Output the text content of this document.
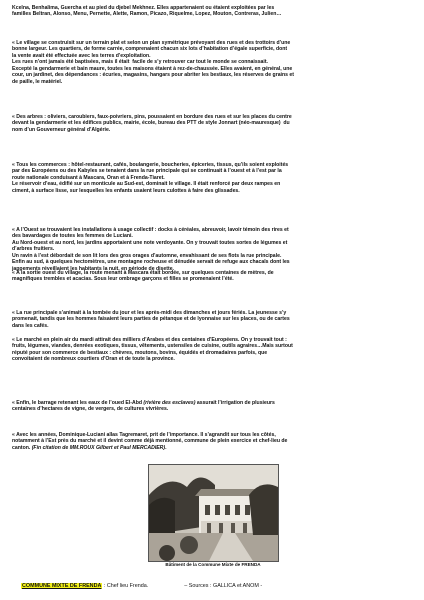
Kcelna, Benhalima, Guercha et au pied du djebel Mekhnez. Elles appartenaient ou étaient exploitées par les
familles Beltran, Alonso, Menu, Pernette, Alette, Ramon, Picazo, Riquelme, Lopez, Mouton, Contreras, Julien…

« Le village se construisit sur un terrain plat et selon un plan symétrique prévoyant des rues et des trottoirs d’une
bonne largeur. Les quartiers, de forme carrée, comprenaient chacun six lots d’habitation d’égale superficie, dont
la vente avait été effectuée avec les terres d’exploitation.
Les rues n’ont jamais été baptisées, mais il était  facile de s’y retrouver car tout le monde se connaissait.
Excepté la gendarmerie et bain maure, toutes les maisons étaient à rez-de-chaussée. Elles avaient, en général, une
cour, un jardinet, des dépendances : écuries, magasins, hangars pour abriter les bestiaux, les réserves de grains et
de paille, le matériel.

« Des arbres : oliviers, caroubiers, faux-poivriers, pins, poussaient en bordure des rues et sur les places du centre
devant la gendarmerie et les édifices publics, mairie, école, bureau des PTT de style Jonnart (néo-mauresque)  du
nom d’un Gouverneur général d’Algérie.

« Tous les commerces : hôtel-restaurant, cafés, boulangerie, boucheries, épiceries, tissus, qu’ils soient exploités
par des Européens ou des Kabyles se tenaient dans la rue principale qui se continuait à l’ouest et à l’est par la
route nationale conduisant à Mascara, Oran et à Frenda-Tiaret.
Le réservoir d’eau, édifié sur un monticule au Sud-est, dominait le village. Il était renforcé par deux rampes en
ciment, à surface lisse, sur lesquelles les enfants usaient leurs culottes à faire des glissades.

« A l’Ouest se trouvaient les installations à usage collectif : docks à céréales, abreuvoir, lavoir témoin des rires et
des bavardages de toutes les femmes de Luciani.
Au Nord-ouest et au nord, les jardins apportaient une note verdoyante. On y trouvait toutes sortes de légumes et
d’arbres fruitiers.
Un ravin à l’est débordait de son lit lors des gros orages d’automne, envahissant de ses flots la rue principale.
Enfin au sud, à quelques hectomètres, une montagne rocheuse et dénudée servait de refuge aux chacals dont les
jappements réveillaient les habitants la nuit, en période de disette.

« A la sortie ouest du village, la route menant à Mascara était bordée, sur quelques centaines de mètres, de
magnifiques trembles et acacias. Sous leur ombrage garçons et filles se promenaient l’été.

« La rue principale s’animait à la tombée du jour et les après-midi des dimanches et jours fériés. La jeunesse s’y
promenait, tandis que les hommes faisaient leurs parties de pétanque et de lyonnaise sur les places, ou de cartes
dans les cafés.

« Le marché en plein air du mardi attirait des milliers d’Arabes et des centaines d’Européens. On y trouvait tout :
fruits, légumes, viandes, denrées exotiques, tissus, vêtements, ustensiles de cuisine, outils agraires…Mais surtout
réputé pour son commerce de bestiaux : chèvres, moutons, bovins, équidés et dromadaires parfois, que
convoitaient de nombreux courtiers d’Oran et de toute la province.

« Enfin, le barrage retenant les eaux de l’oued El-Abd (rivière des esclaves) assurait l’irrigation de plusieurs
centaines d’hectares de vigne, de vergers, de cultures vivrières.

« Avec les années, Dominique-Luciani allas Tagremaret, prit de l’importance. Il s’agrandit sur tous les côtés,
notamment à l’Est près du marché et il devint comme déjà mentionné, commune de plein exercice et chef-lieu de
canton. (Fin citation de MM.ROUX Gilbert et Paul MERCADIER).

Bâtiment de la Commune Mixte de FRENDA
COMMUNE MIXTE DE FRENDA : Chef lieu Frenda.	– Sources : GALLICA et ANOM -
